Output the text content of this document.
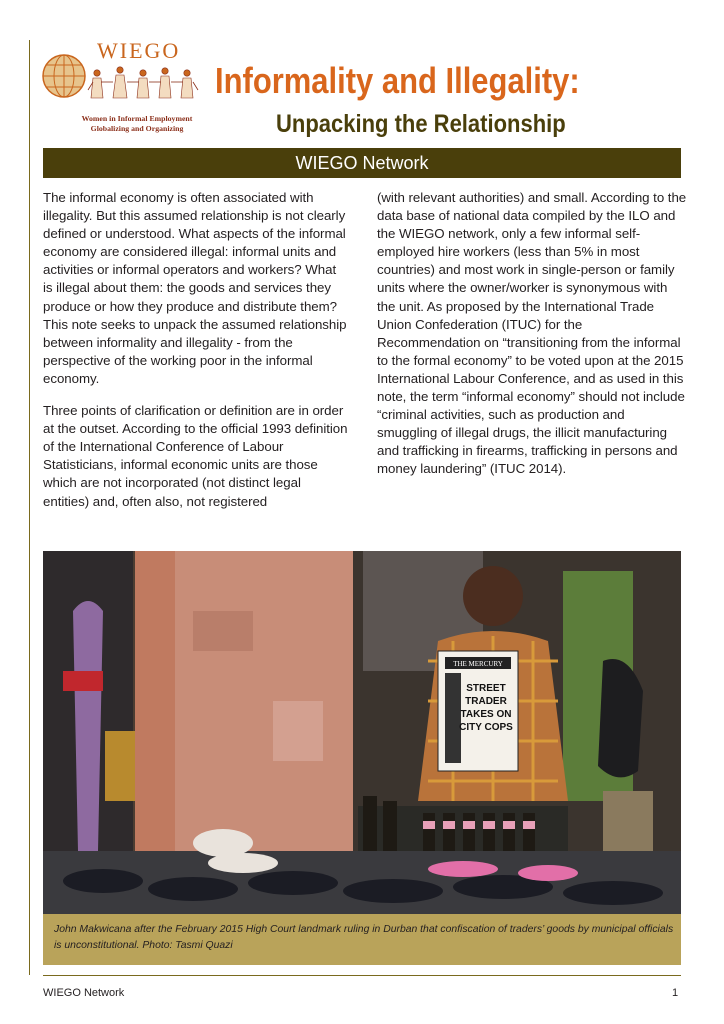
WIEGO
Women in Informal Employment
Globalizing and Organizing
Informality and Illegality:
Unpacking the Relationship
WIEGO Network

The informal economy is often associated with illegality. But this assumed relationship is not clearly defined or understood. What aspects of the informal economy are considered illegal: informal units and activities or informal operators and workers? What is illegal about them: the goods and services they produce or how they produce and distribute them? This note seeks to unpack the assumed relationship between informality and illegality - from the perspective of the working poor in the informal economy.

Three points of clarification or definition are in order at the outset. According to the official 1993 definition of the International Conference of Labour Statisticians, informal economic units are those which are not incorporated (not distinct legal entities) and, often also, not registered

(with relevant authorities) and small. According to the data base of national data compiled by the ILO and the WIEGO network, only a few informal self-employed hire workers (less than 5% in most countries) and most work in single-person or family units where the owner/worker is synonymous with the unit. As proposed by the International Trade Union Confederation (ITUC) for the Recommendation on “transitioning from the informal to the formal economy” to be voted upon at the 2015 International Labour Conference, and as used in this note, the term “informal economy” should not include “criminal activities, such as production and smuggling of illegal drugs, the illicit manufacturing and trafficking in firearms, trafficking in persons and money laundering” (ITUC 2014).

THE MERCURY
STREET
TRADER
TAKES ON
CITY COPS
John Makwicana after the February 2015 High Court landmark ruling in Durban that confiscation of traders’ goods by municipal officials is unconstitutional. Photo: Tasmi Quazi
WIEGO Network	1
